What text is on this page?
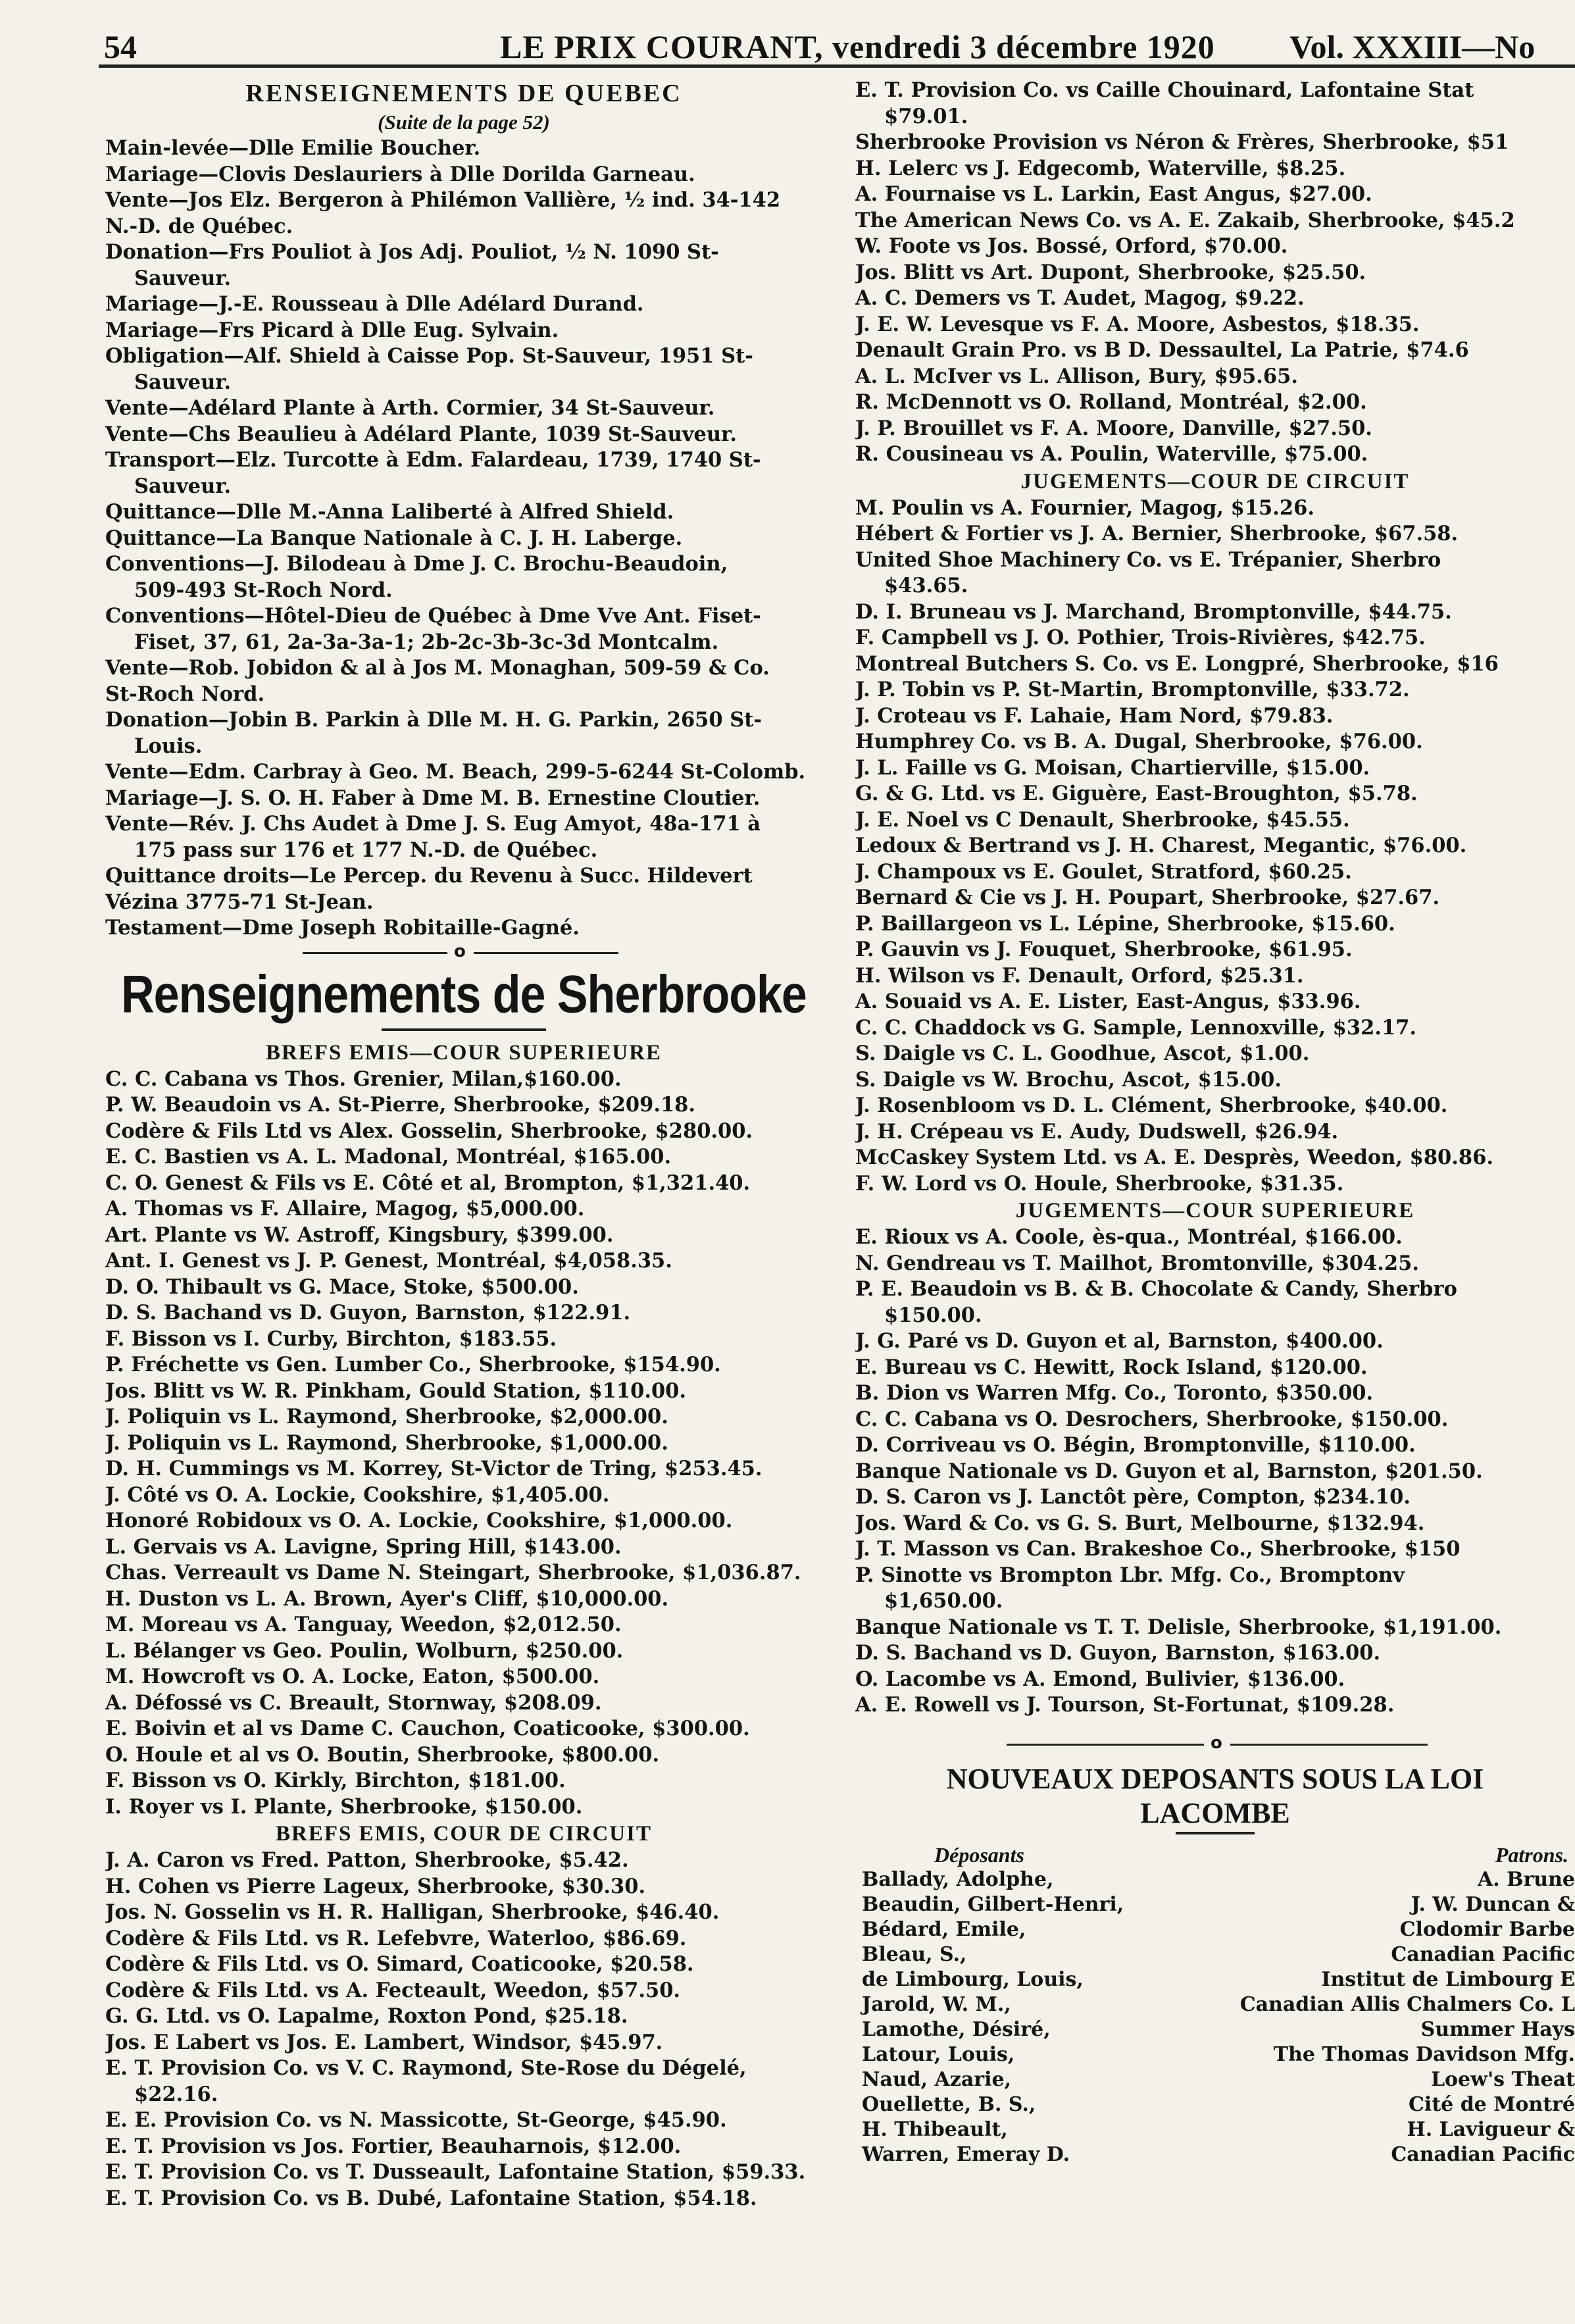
54	LE PRIX COURANT, vendredi 3 décembre 1920 Vol. XXXIII—No
RENSEIGNEMENTS DE QUEBEC
(Suite de la page 52)
Main-levée—Dlle Emilie Boucher.
Mariage—Clovis Deslauriers à Dlle Dorilda Garneau.
Vente—Jos Elz. Bergeron à Philémon Vallière, ½ ind. 34-142
N.-D. de Québec.
Donation—Frs Pouliot à Jos Adj. Pouliot, ½ N. 1090 St-
Sauveur.
Mariage—J.-E. Rousseau à Dlle Adélard Durand.
Mariage—Frs Picard à Dlle Eug. Sylvain.
Obligation—Alf. Shield à Caisse Pop. St-Sauveur, 1951 St-
Sauveur.
Vente—Adélard Plante à Arth. Cormier, 34 St-Sauveur.
Vente—Chs Beaulieu à Adélard Plante, 1039 St-Sauveur.
Transport—Elz. Turcotte à Edm. Falardeau, 1739, 1740 St-
Sauveur.
Quittance—Dlle M.-Anna Laliberté à Alfred Shield.
Quittance—La Banque Nationale à C. J. H. Laberge.
Conventions—J. Bilodeau à Dme J. C. Brochu-Beaudoin,
509-493 St-Roch Nord.
Conventions—Hôtel-Dieu de Québec à Dme Vve Ant. Fiset-
Fiset, 37, 61, 2a-3a-3a-1; 2b-2c-3b-3c-3d Montcalm.
Vente—Rob. Jobidon & al à Jos M. Monaghan, 509-59 & Co.
St-Roch Nord.
Donation—Jobin B. Parkin à Dlle M. H. G. Parkin, 2650 St-
Louis.
Vente—Edm. Carbray à Geo. M. Beach, 299-5-6244 St-Colomb.
Mariage—J. S. O. H. Faber à Dme M. B. Ernestine Cloutier.
Vente—Rév. J. Chs Audet à Dme J. S. Eug Amyot, 48a-171 à
175 pass sur 176 et 177 N.-D. de Québec.
Quittance droits—Le Percep. du Revenu à Succ. Hildevert
Vézina 3775-71 St-Jean.
Testament—Dme Joseph Robitaille-Gagné.
o
Renseignements de Sherbrooke
BREFS EMIS—COUR SUPERIEURE
C. C. Cabana vs Thos. Grenier, Milan,$160.00.
P. W. Beaudoin vs A. St-Pierre, Sherbrooke, $209.18.
Codère & Fils Ltd vs Alex. Gosselin, Sherbrooke, $280.00.
E. C. Bastien vs A. L. Madonal, Montréal, $165.00.
C. O. Genest & Fils vs E. Côté et al, Brompton, $1,321.40.
A. Thomas vs F. Allaire, Magog, $5,000.00.
Art. Plante vs W. Astroff, Kingsbury, $399.00.
Ant. I. Genest vs J. P. Genest, Montréal, $4,058.35.
D. O. Thibault vs G. Mace, Stoke, $500.00.
D. S. Bachand vs D. Guyon, Barnston, $122.91.
F. Bisson vs I. Curby, Birchton, $183.55.
P. Fréchette vs Gen. Lumber Co., Sherbrooke, $154.90.
Jos. Blitt vs W. R. Pinkham, Gould Station, $110.00.
J. Poliquin vs L. Raymond, Sherbrooke, $2,000.00.
J. Poliquin vs L. Raymond, Sherbrooke, $1,000.00.
D. H. Cummings vs M. Korrey, St-Victor de Tring, $253.45.
J. Côté vs O. A. Lockie, Cookshire, $1,405.00.
Honoré Robidoux vs O. A. Lockie, Cookshire, $1,000.00.
L. Gervais vs A. Lavigne, Spring Hill, $143.00.
Chas. Verreault vs Dame N. Steingart, Sherbrooke, $1,036.87.
H. Duston vs L. A. Brown, Ayer's Cliff, $10,000.00.
M. Moreau vs A. Tanguay, Weedon, $2,012.50.
L. Bélanger vs Geo. Poulin, Wolburn, $250.00.
M. Howcroft vs O. A. Locke, Eaton, $500.00.
A. Défossé vs C. Breault, Stornway, $208.09.
E. Boivin et al vs Dame C. Cauchon, Coaticooke, $300.00.
O. Houle et al vs O. Boutin, Sherbrooke, $800.00.
F. Bisson vs O. Kirkly, Birchton, $181.00.
I. Royer vs I. Plante, Sherbrooke, $150.00.
BREFS EMIS, COUR DE CIRCUIT
J. A. Caron vs Fred. Patton, Sherbrooke, $5.42.
H. Cohen vs Pierre Lageux, Sherbrooke, $30.30.
Jos. N. Gosselin vs H. R. Halligan, Sherbrooke, $46.40.
Codère & Fils Ltd. vs R. Lefebvre, Waterloo, $86.69.
Codère & Fils Ltd. vs O. Simard, Coaticooke, $20.58.
Codère & Fils Ltd. vs A. Fecteault, Weedon, $57.50.
G. G. Ltd. vs O. Lapalme, Roxton Pond, $25.18.
Jos. E Labert vs Jos. E. Lambert, Windsor, $45.97.
E. T. Provision Co. vs V. C. Raymond, Ste-Rose du Dégelé,
$22.16.
E. E. Provision Co. vs N. Massicotte, St-George, $45.90.
E. T. Provision vs Jos. Fortier, Beauharnois, $12.00.
E. T. Provision Co. vs T. Dusseault, Lafontaine Station, $59.33.
E. T. Provision Co. vs B. Dubé, Lafontaine Station, $54.18.
E. T. Provision Co. vs Caille Chouinard, Lafontaine Stat
$79.01.
Sherbrooke Provision vs Néron & Frères, Sherbrooke, $51
H. Lelerc vs J. Edgecomb, Waterville, $8.25.
A. Fournaise vs L. Larkin, East Angus, $27.00.
The American News Co. vs A. E. Zakaib, Sherbrooke, $45.2
W. Foote vs Jos. Bossé, Orford, $70.00.
Jos. Blitt vs Art. Dupont, Sherbrooke, $25.50.
A. C. Demers vs T. Audet, Magog, $9.22.
J. E. W. Levesque vs F. A. Moore, Asbestos, $18.35.
Denault Grain Pro. vs B D. Dessaultel, La Patrie, $74.6
A. L. McIver vs L. Allison, Bury, $95.65.
R. McDennott vs O. Rolland, Montréal, $2.00.
J. P. Brouillet vs F. A. Moore, Danville, $27.50.
R. Cousineau vs A. Poulin, Waterville, $75.00.
JUGEMENTS—COUR DE CIRCUIT
M. Poulin vs A. Fournier, Magog, $15.26.
Hébert & Fortier vs J. A. Bernier, Sherbrooke, $67.58.
United Shoe Machinery Co. vs E. Trépanier, Sherbro
$43.65.
D. I. Bruneau vs J. Marchand, Bromptonville, $44.75.
F. Campbell vs J. O. Pothier, Trois-Rivières, $42.75.
Montreal Butchers S. Co. vs E. Longpré, Sherbrooke, $16
J. P. Tobin vs P. St-Martin, Bromptonville, $33.72.
J. Croteau vs F. Lahaie, Ham Nord, $79.83.
Humphrey Co. vs B. A. Dugal, Sherbrooke, $76.00.
J. L. Faille vs G. Moisan, Chartierville, $15.00.
G. & G. Ltd. vs E. Giguère, East-Broughton, $5.78.
J. E. Noel vs C Denault, Sherbrooke, $45.55.
Ledoux & Bertrand vs J. H. Charest, Megantic, $76.00.
J. Champoux vs E. Goulet, Stratford, $60.25.
Bernard & Cie vs J. H. Poupart, Sherbrooke, $27.67.
P. Baillargeon vs L. Lépine, Sherbrooke, $15.60.
P. Gauvin vs J. Fouquet, Sherbrooke, $61.95.
H. Wilson vs F. Denault, Orford, $25.31.
A. Souaid vs A. E. Lister, East-Angus, $33.96.
C. C. Chaddock vs G. Sample, Lennoxville, $32.17.
S. Daigle vs C. L. Goodhue, Ascot, $1.00.
S. Daigle vs W. Brochu, Ascot, $15.00.
J. Rosenbloom vs D. L. Clément, Sherbrooke, $40.00.
J. H. Crépeau vs E. Audy, Dudswell, $26.94.
McCaskey System Ltd. vs A. E. Desprès, Weedon, $80.86.
F. W. Lord vs O. Houle, Sherbrooke, $31.35.
JUGEMENTS—COUR SUPERIEURE
E. Rioux vs A. Coole, ès-qua., Montréal, $166.00.
N. Gendreau vs T. Mailhot, Bromtonville, $304.25.
P. E. Beaudoin vs B. & B. Chocolate & Candy, Sherbro
$150.00.
J. G. Paré vs D. Guyon et al, Barnston, $400.00.
E. Bureau vs C. Hewitt, Rock Island, $120.00.
B. Dion vs Warren Mfg. Co., Toronto, $350.00.
C. C. Cabana vs O. Desrochers, Sherbrooke, $150.00.
D. Corriveau vs O. Bégin, Bromptonville, $110.00.
Banque Nationale vs D. Guyon et al, Barnston, $201.50.
D. S. Caron vs J. Lanctôt père, Compton, $234.10.
Jos. Ward & Co. vs G. S. Burt, Melbourne, $132.94.
J. T. Masson vs Can. Brakeshoe Co., Sherbrooke, $150
P. Sinotte vs Brompton Lbr. Mfg. Co., Bromptonv
$1,650.00.
Banque Nationale vs T. T. Delisle, Sherbrooke, $1,191.00.
D. S. Bachand vs D. Guyon, Barnston, $163.00.
O. Lacombe vs A. Emond, Bulivier, $136.00.
A. E. Rowell vs J. Tourson, St-Fortunat, $109.28.
o
NOUVEAUX DEPOSANTS SOUS LA LOI
LACOMBE
Déposants	Patrons.
Ballady, Adolphe,	A. Brune
Beaudin, Gilbert-Henri,	J. W. Duncan &
Bédard, Emile,	Clodomir Barbe
Bleau, S.,	Canadian Pacific
de Limbourg, Louis,	Institut de Limbourg E
Jarold, W. M.,	Canadian Allis Chalmers Co. L
Lamothe, Désiré,	Summer Hays
Latour, Louis,	The Thomas Davidson Mfg.
Naud, Azarie,	Loew's Theat
Ouellette, B. S.,	Cité de Montré
H. Thibeault,	H. Lavigueur &
Warren, Emeray D.	Canadian Pacific
